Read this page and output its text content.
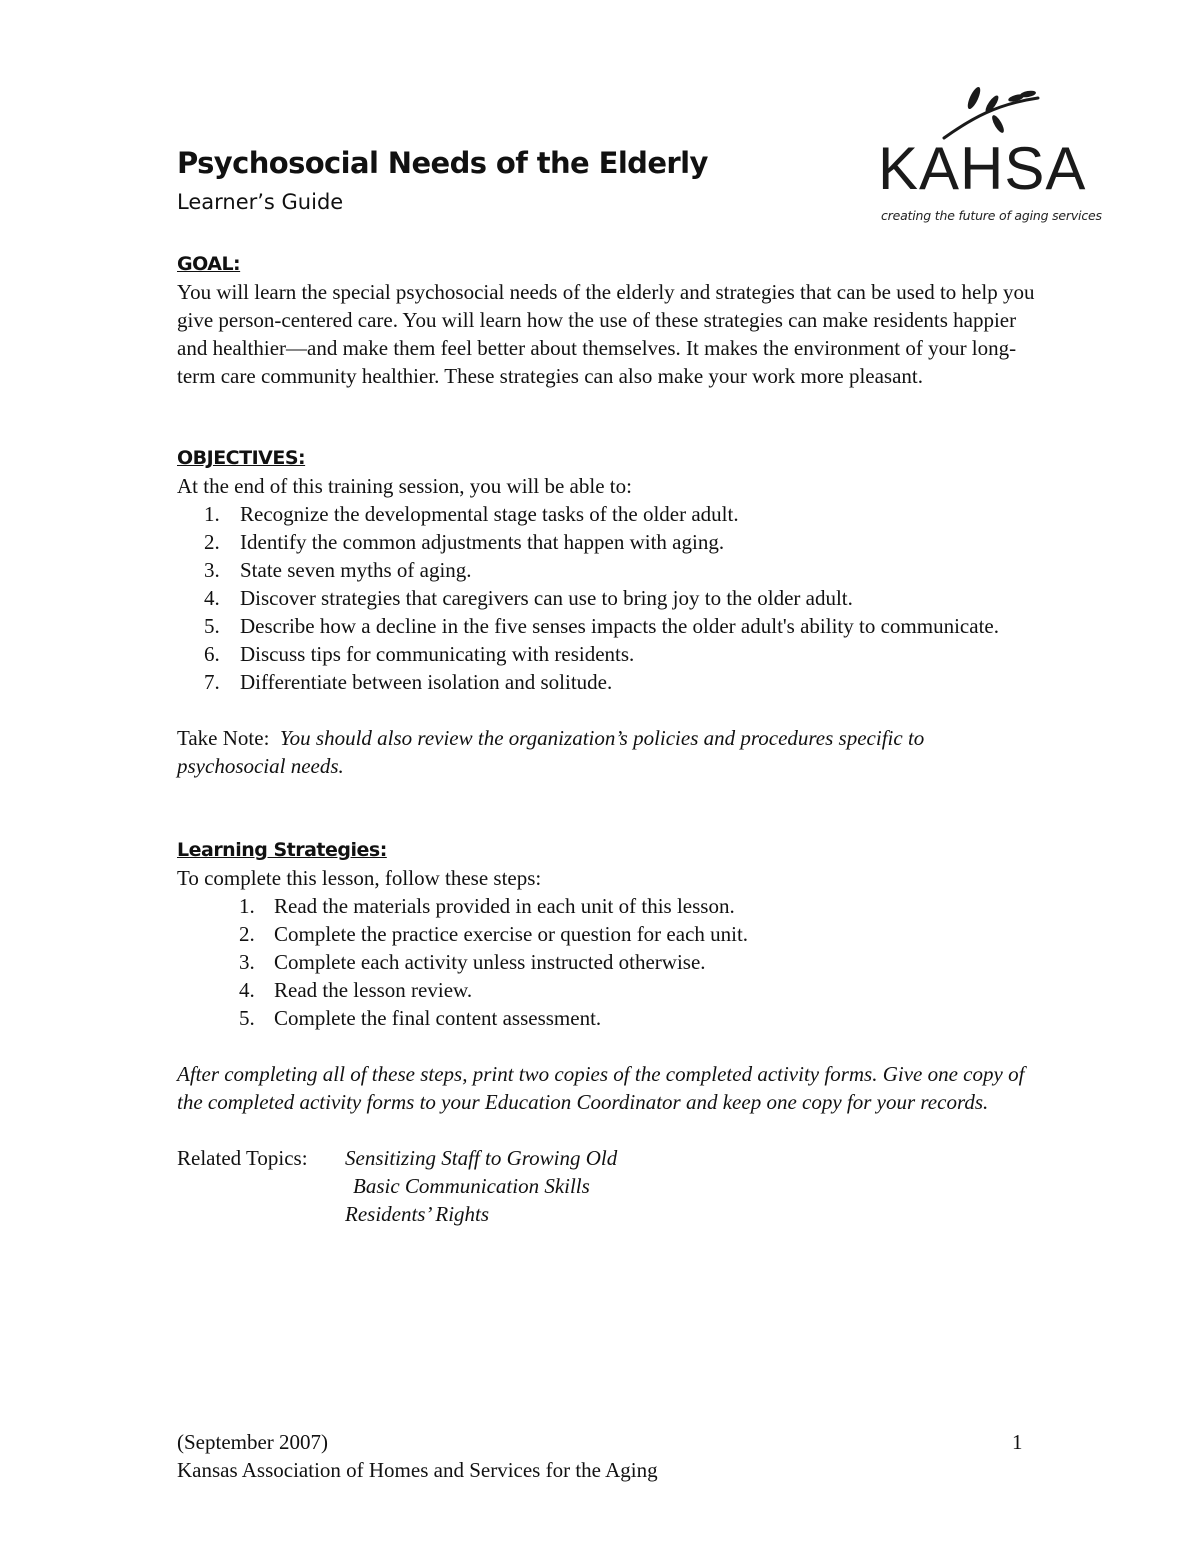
Psychosocial Needs of the Elderly
Learner’s Guide	KAHSA
creating the future of aging services
GOAL:

You will learn the special psychosocial needs of the elderly and strategies that can be used to help you give person-centered care. You will learn how the use of these strategies can make residents happier and healthier—and make them feel better about themselves. It makes the environment of your long-term care community healthier. These strategies can also make your work more pleasant.

OBJECTIVES:

At the end of this training session, you will be able to:

1. Recognize the developmental stage tasks of the older adult.
2. Identify the common adjustments that happen with aging.
3. State seven myths of aging.
4. Discover strategies that caregivers can use to bring joy to the older adult.
5. Describe how a decline in the five senses impacts the older adult's ability to communicate.
6. Discuss tips for communicating with residents.
7. Differentiate between isolation and solitude.

Take Note: You should also review the organization’s policies and procedures specific to psychosocial needs.

Learning Strategies:

To complete this lesson, follow these steps:

1. Read the materials provided in each unit of this lesson.
2. Complete the practice exercise or question for each unit.
3. Complete each activity unless instructed otherwise.
4. Read the lesson review.
5. Complete the final content assessment.

After completing all of these steps, print two copies of the completed activity forms. Give one copy of the completed activity forms to your Education Coordinator and keep one copy for your records.

Related Topics: Sensitizing Staff to Growing Old
Basic Communication Skills
Residents’ Rights
(September 2007)
Kansas Association of Homes and Services for the Aging
1
